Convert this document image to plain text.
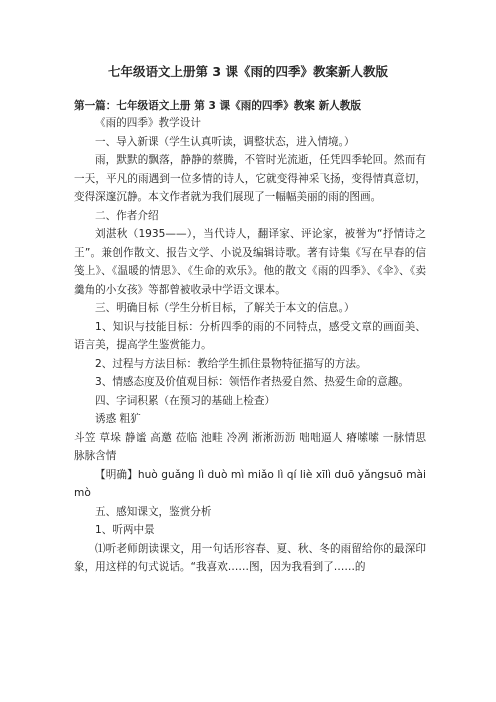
七年级语文上册第 3 课《雨的四季》教案新人教版
第一篇：七年级语文上册 第 3 课《雨的四季》教案 新人教版

《雨的四季》教学设计

一、导入新课（学生认真听读，调整状态，进入情境。）

雨，默默的飘落，静静的蔡腾，不管时光流逝，任凭四季轮回。然而有一天，平凡的雨遇到一位多情的诗人，它就变得神采飞扬，变得情真意切，变得深邃沉静。本文作者就为我们展现了一幅幅美丽的雨的图画。

二、作者介绍

刘湛秋（1935——），当代诗人，翻译家、评论家，被誉为“抒情诗之王”。兼创作散文、报告文学、小说及编辑诗歌。著有诗集《写在早春的信笺上》、《温暖的情思》、《生命的欢乐》。他的散文《雨的四季》、《伞》、《卖羹角的小女孩》等都曾被收录中学语文课本。

三、明确目标（学生分析目标，了解关于本文的信息。）

1、知识与技能目标：分析四季的雨的不同特点，感受文章的画面美、语言美，提高学生鉴赏能力。

2、过程与方法目标：教给学生抓住景物特征描写的方法。

3、情感态度及价值观目标：领悟作者热爱自然、热爱生命的意趣。

四、字词积累（在预习的基础上检查）

诱惑 粗犷

斗笠 草垛 静谧 高邀 莅临 池畦 冷冽 淅淅沥沥 咄咄逼人 瘠嗦嗦 一脉情思 脉脉含情

【明确】huò guǎng lì duò mì miǎo lì qí liè xīlì duō yǎngsuō mài mò

五、感知课文，鉴赏分析

1、听两中景

⑴听老师朗读课文，用一句话形容春、夏、秋、冬的雨留给你的最深印象，用这样的句式说话。“我喜欢……图，因为我看到了……的
